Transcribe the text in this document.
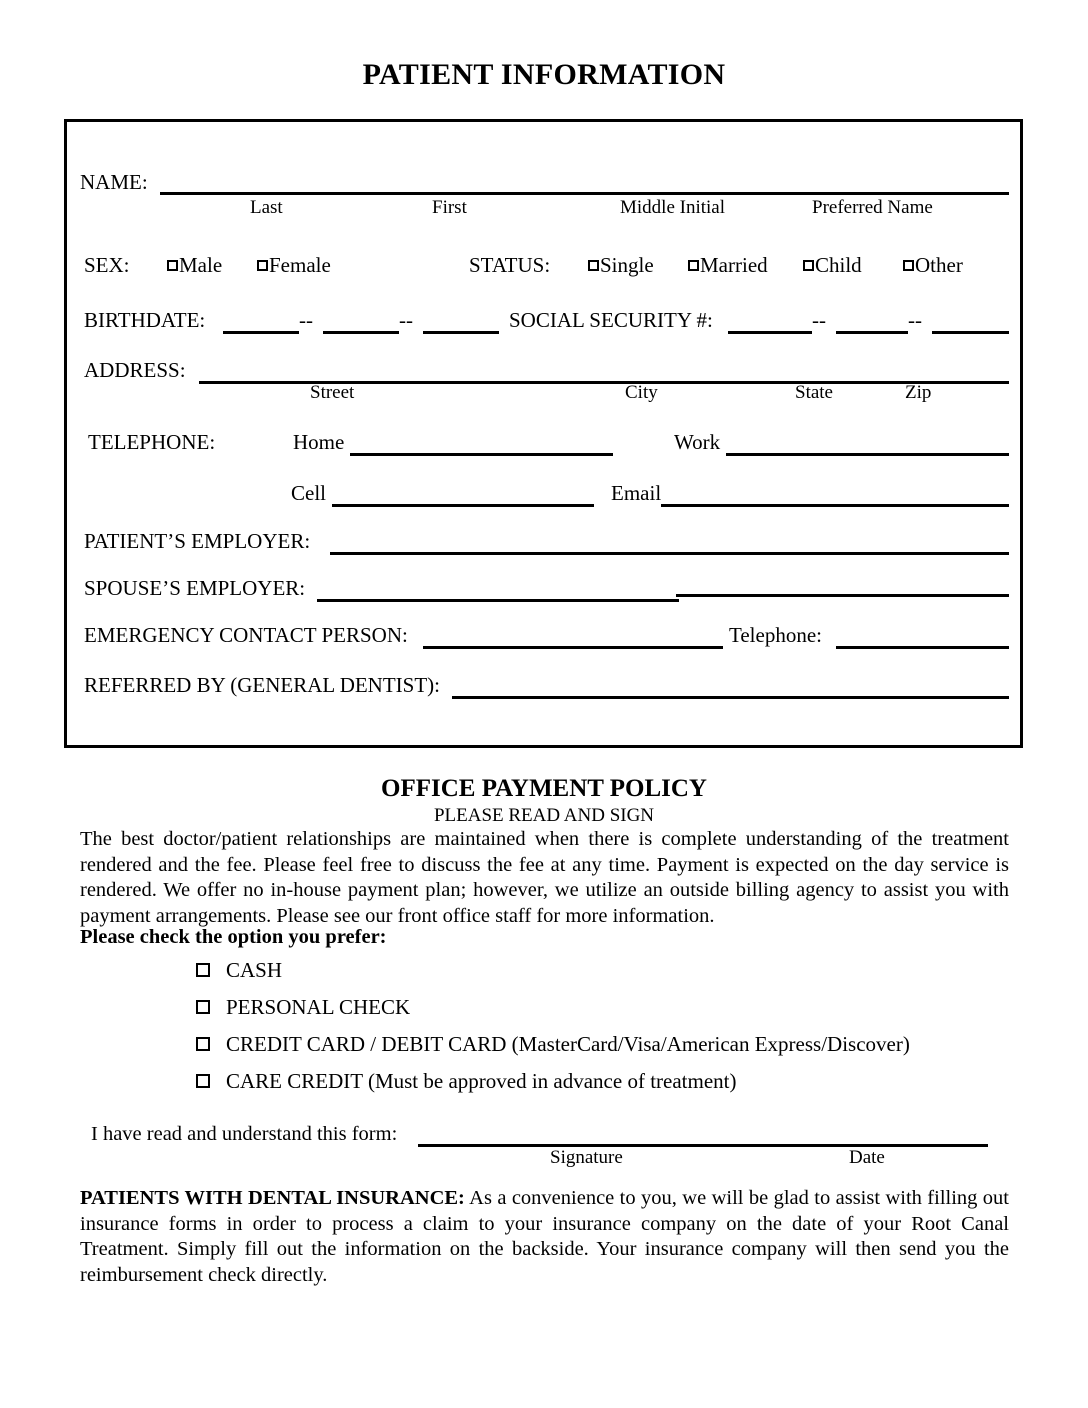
PATIENT INFORMATION
NAME:
Last	First	Middle Initial	Preferred Name
SEX:	Male	Female	STATUS:	Single	Married	Child	Other
BIRTHDATE:	--	--	SOCIAL SECURITY #:	--	--
ADDRESS:
Street	City	State	Zip
TELEPHONE:	Home	Work
Cell	Email
PATIENT’S EMPLOYER:
SPOUSE’S EMPLOYER:
EMERGENCY CONTACT PERSON:	Telephone:
REFERRED BY (GENERAL DENTIST):
OFFICE PAYMENT POLICY
PLEASE READ AND SIGN
The best doctor/patient relationships are maintained when there is complete understanding of the treatment rendered and the fee. Please feel free to discuss the fee at any time. Payment is expected on the day service is rendered. We offer no in-house payment plan; however, we utilize an outside billing agency to assist you with payment arrangements. Please see our front office staff for more information.
Please check the option you prefer:
CASH
PERSONAL CHECK
CREDIT CARD / DEBIT CARD (MasterCard/Visa/American Express/Discover)
CARE CREDIT (Must be approved in advance of treatment)
I have read and understand this form:
Signature	Date
PATIENTS WITH DENTAL INSURANCE: As a convenience to you, we will be glad to assist with filling out insurance forms in order to process a claim to your insurance company on the date of your Root Canal Treatment. Simply fill out the information on the backside. Your insurance company will then send you the reimbursement check directly.
